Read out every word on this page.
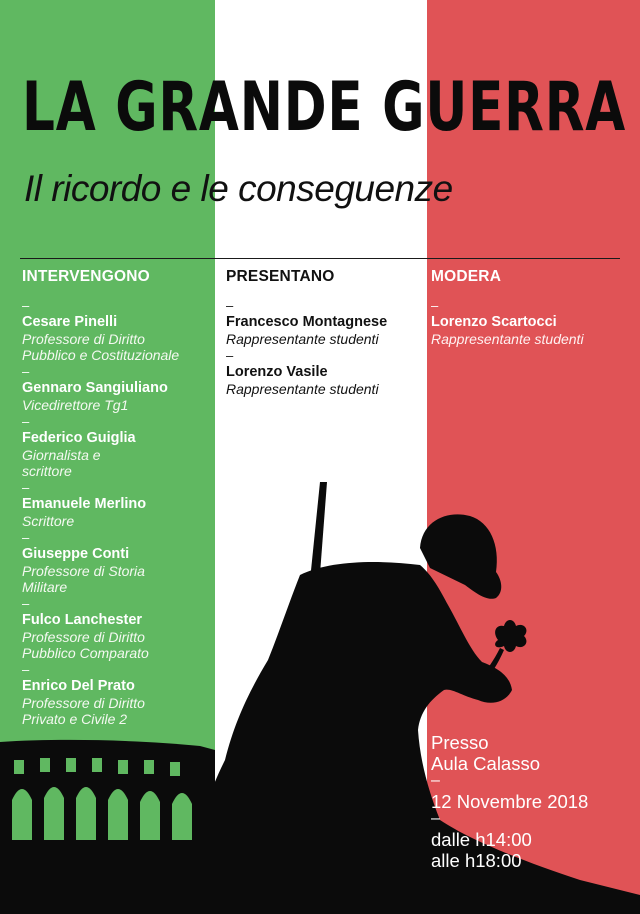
LA GRANDE GUERRA

Il ricordo e le conseguenze

INTERVENGONO
–
Cesare Pinelli
Professore di Diritto
Pubblico e Costituzionale
–
Gennaro Sangiuliano
Vicedirettore Tg1
–
Federico Guiglia
Giornalista e
scrittore
–
Emanuele Merlino
Scrittore
–
Giuseppe Conti
Professore di Storia
Militare
–
Fulco Lanchester
Professore di Diritto
Pubblico Comparato
–
Enrico Del Prato
Professore di Diritto
Privato e Civile 2
PRESENTANO
–
Francesco Montagnese
Rappresentante studenti
–
Lorenzo Vasile
Rappresentante studenti
MODERA
–
Lorenzo Scartocci
Rappresentante studenti
Presso
Aula Calasso
–
12 Novembre 2018
–
dalle h14:00
alle h18:00
